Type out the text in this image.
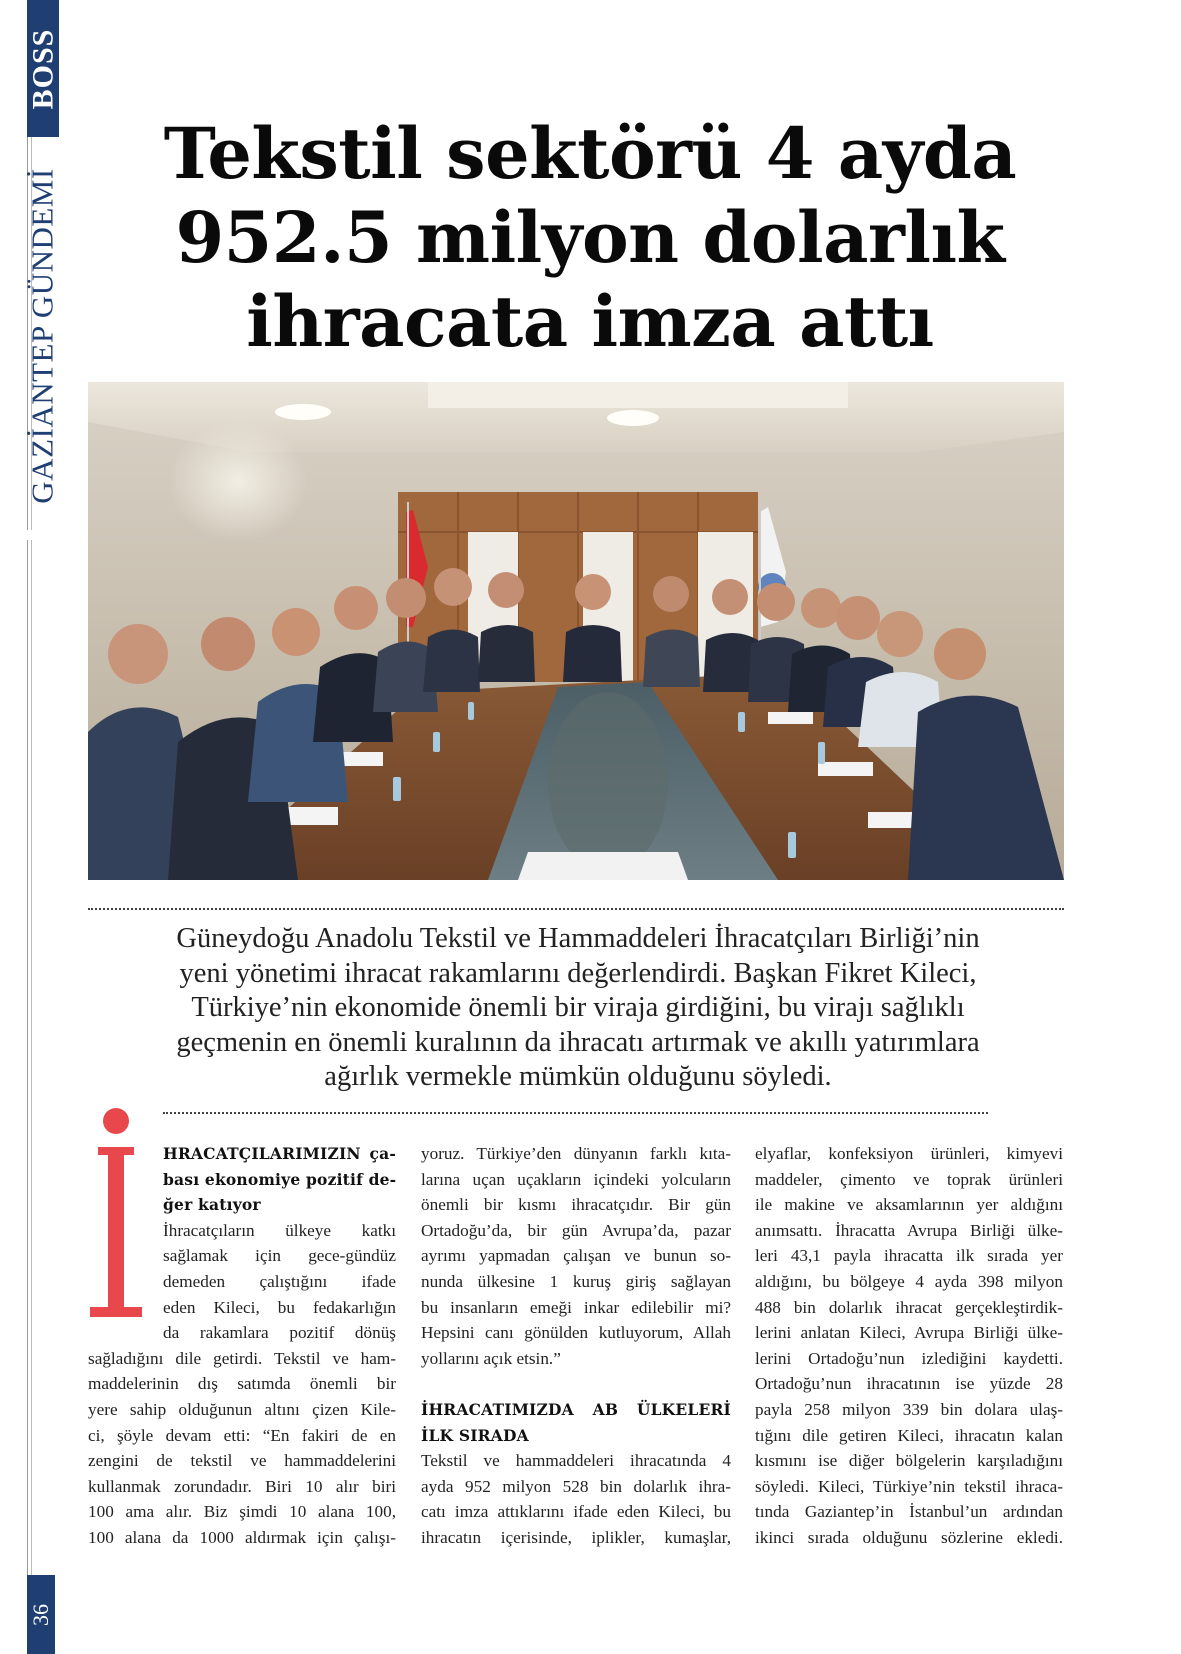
BOSS
GAZİANTEP GÜNDEMİ
36
Tekstil sektörü 4 ayda
952.5 milyon dolarlık
ihracata imza attı
Güneydoğu Anadolu Tekstil ve Hammaddeleri İhracatçıları Birliği’nin
yeni yönetimi ihracat rakamlarını değerlendirdi. Başkan Fikret Kileci,
Türkiye’nin ekonomide önemli bir viraja girdiğini, bu virajı sağlıklı
geçmenin en önemli kuralının da ihracatı artırmak ve akıllı yatırımlara
ağırlık vermekle mümkün olduğunu söyledi.
İ
HRACATÇILARIMIZIN ça-
bası ekonomiye pozitif de-
ğer katıyor
İhracatçıların ülkeye katkı
sağlamak için gece-gündüz
demeden çalıştığını ifade
eden Kileci, bu fedakarlığın
da rakamlara pozitif dönüş
sağladığını dile getirdi. Tekstil ve ham-
maddelerinin dış satımda önemli bir
yere sahip olduğunun altını çizen Kile-
ci, şöyle devam etti: “En fakiri de en
zengini de tekstil ve hammaddelerini
kullanmak zorundadır. Biri 10 alır biri
100 ama alır. Biz şimdi 10 alana 100,
100 alana da 1000 aldırmak için çalışı-
yoruz. Türkiye’den dünyanın farklı kıta-
larına uçan uçakların içindeki yolcuların
önemli bir kısmı ihracatçıdır. Bir gün
Ortadoğu’da, bir gün Avrupa’da, pazar
ayrımı yapmadan çalışan ve bunun so-
nunda ülkesine 1 kuruş giriş sağlayan
bu insanların emeği inkar edilebilir mi?
Hepsini canı gönülden kutluyorum, Allah
yollarını açık etsin.”

İHRACATIMIZDA AB ÜLKELERİ
İLK SIRADA
Tekstil ve hammaddeleri ihracatında 4
ayda 952 milyon 528 bin dolarlık ihra-
catı imza attıklarını ifade eden Kileci, bu
ihracatın içerisinde, iplikler, kumaşlar,
elyaflar, konfeksiyon ürünleri, kimyevi
maddeler, çimento ve toprak ürünleri
ile makine ve aksamlarının yer aldığını
anımsattı. İhracatta Avrupa Birliği ülke-
leri 43,1 payla ihracatta ilk sırada yer
aldığını, bu bölgeye 4 ayda 398 milyon
488 bin dolarlık ihracat gerçekleştirdik-
lerini anlatan Kileci, Avrupa Birliği ülke-
lerini Ortadoğu’nun izlediğini kaydetti.
Ortadoğu’nun ihracatının ise yüzde 28
payla 258 milyon 339 bin dolara ulaş-
tığını dile getiren Kileci, ihracatın kalan
kısmını ise diğer bölgelerin karşıladığını
söyledi. Kileci, Türkiye’nin tekstil ihraca-
tında Gaziantep’in İstanbul’un ardından
ikinci sırada olduğunu sözlerine ekledi.
